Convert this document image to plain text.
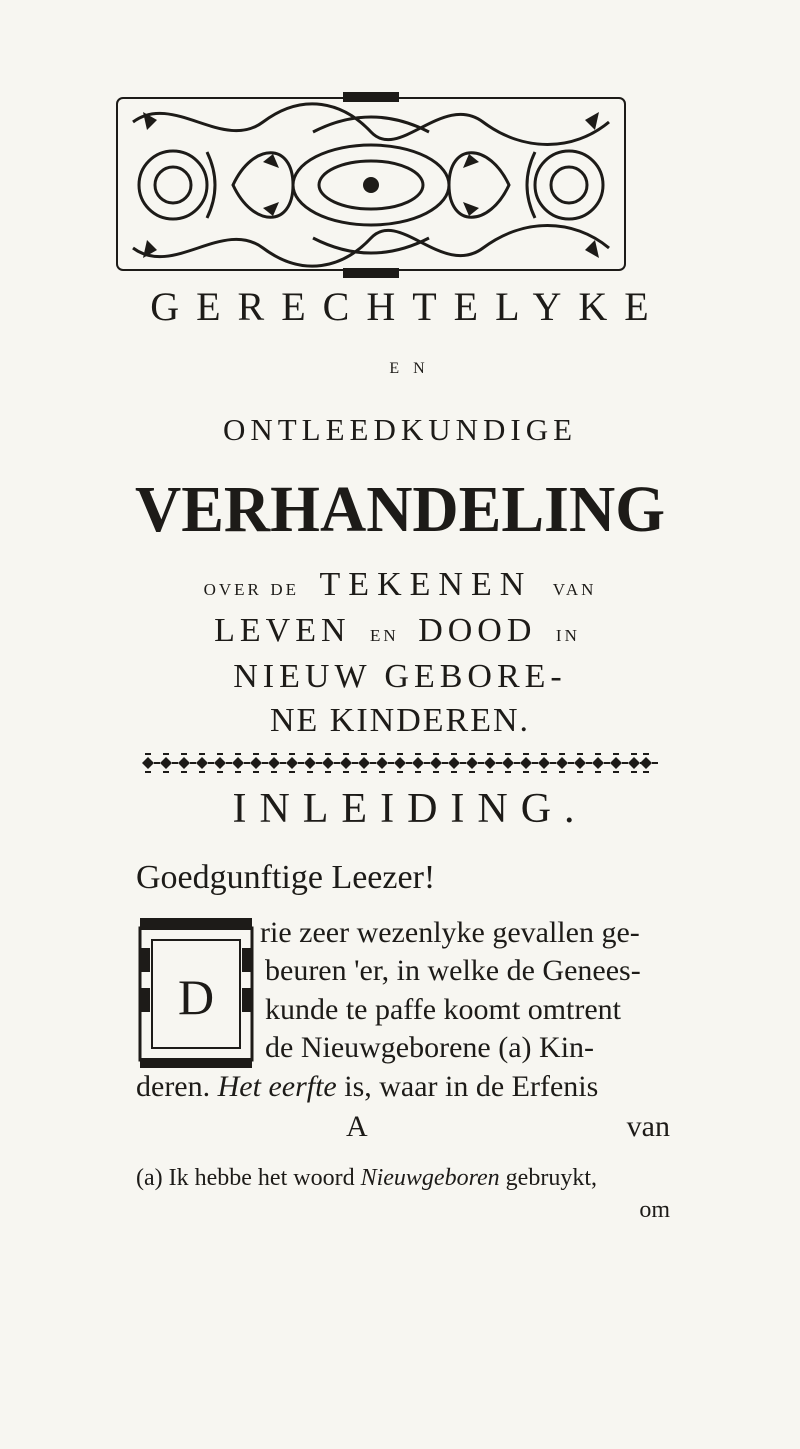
GERECHTELYKE
EN
ONTLEEDKUNDIGE
VERHANDELING
OVER DE TEKENEN VAN
LEVEN EN DOOD IN
NIEUW GEBORE-
NE KINDEREN.
INLEIDING.
Goedgunftige Leezer!
D
rie zeer wezenlyke gevallen ge-
beuren 'er, in welke de Genees-
kunde te paffe koomt omtrent
de Nieuwgeborene (a) Kin-
deren. Het eerfte is, waar in de Erfenis
A	van
(a) Ik hebbe het woord Nieuwgeboren gebruykt,
om
